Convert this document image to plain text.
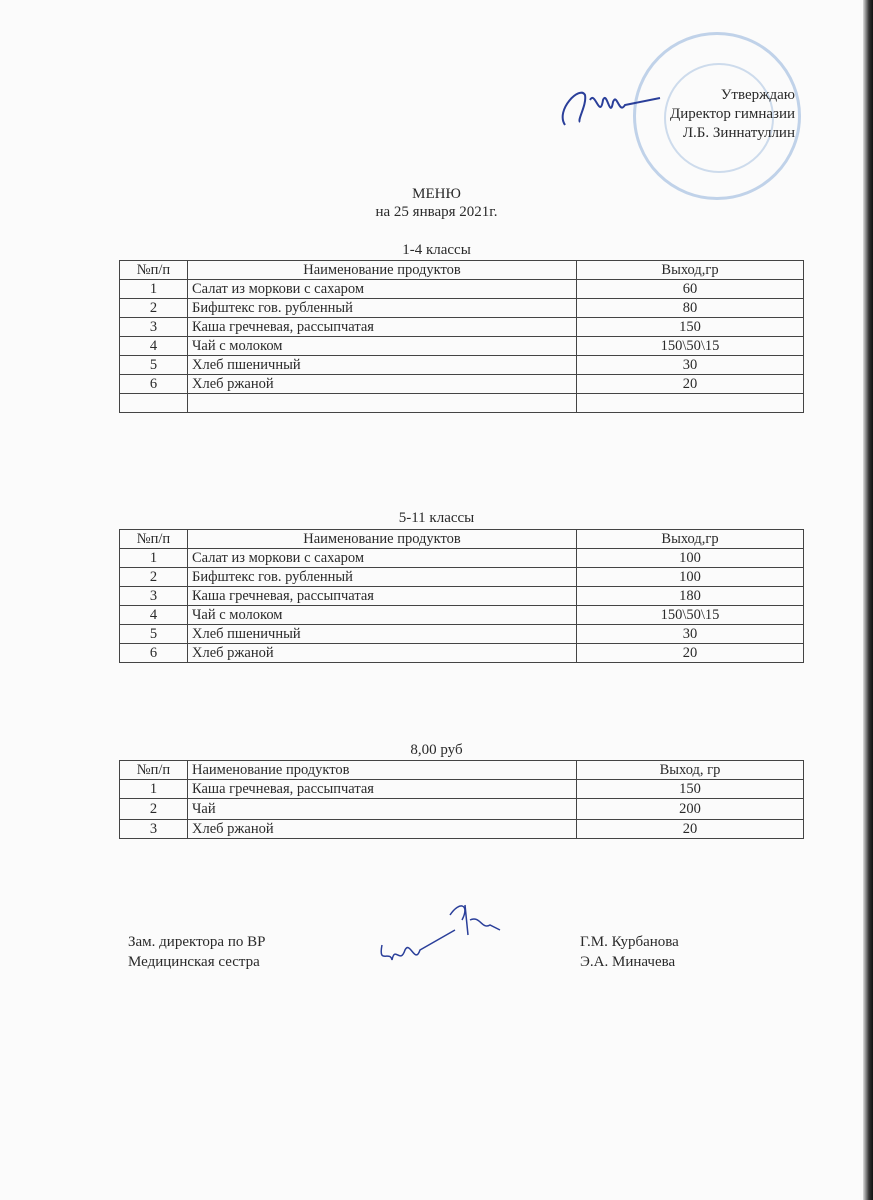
Утверждаю
Директор гимназии
Л.Б. Зиннатуллин
МЕНЮ
на 25 января 2021г.
1-4 классы
№п/п	Наименование продуктов	Выход,гр
1	Салат из моркови с сахаром	60
2	Бифштекс гов. рубленный	80
3	Каша гречневая, рассыпчатая	150
4	Чай с молоком	150\50\15
5	Хлеб пшеничный	30
6	Хлеб ржаной	20

5-11 классы
№п/п	Наименование продуктов	Выход,гр
1	Салат из моркови с сахаром	100
2	Бифштекс гов. рубленный	100
3	Каша гречневая, рассыпчатая	180
4	Чай с молоком	150\50\15
5	Хлеб пшеничный	30
6	Хлеб ржаной	20
8,00 руб
№п/п	Наименование продуктов	Выход, гр
1	Каша гречневая, рассыпчатая	150
2	Чай	200
3	Хлеб ржаной	20
Зам. директора по ВР
Медицинская сестра
Г.М. Курбанова
Э.А. Миначева
